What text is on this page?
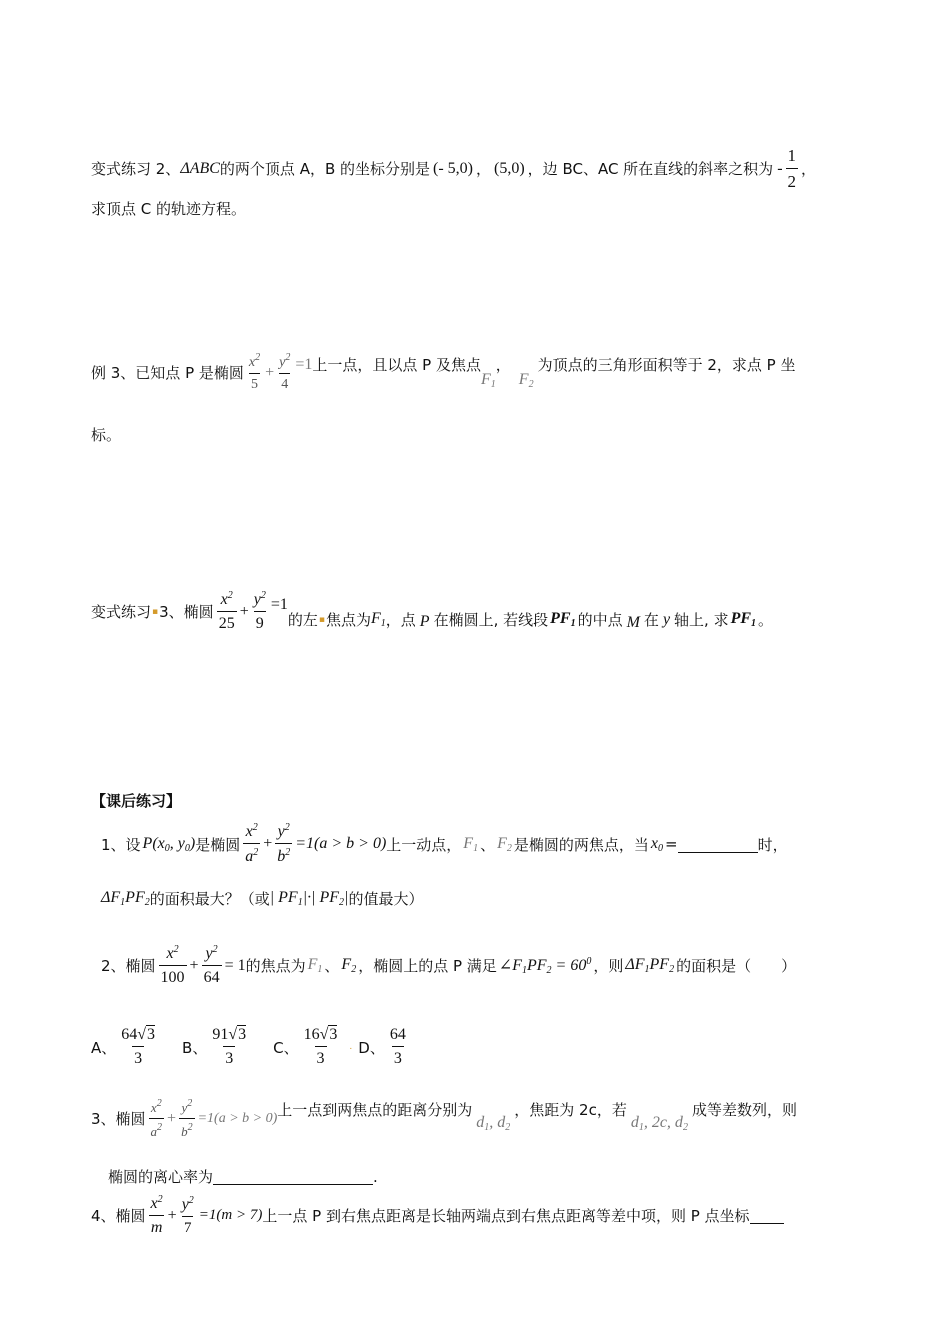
变式练习 2、 ΔABC 的两个顶点 A，B 的坐标分别是 (- 5,0) ， (5,0) ，边 BC、AC 所在直线的斜率之积为 - $\frac{1}{2}$ ，
求顶点 C 的轨迹方程。
例 3、已知点 P 是椭圆 $\frac{x^2}{5} + \frac{y^2}{4} =1$ 上一点，且以点 P 及焦点
$F_1$
，
$F_2$
为顶点的三角形面积等于 2，求点 P 坐
标。
变式练习 ▪ 3 、椭圆 $\frac{x^2}{25} + \frac{y^2}{9} =1$
的左 ▪ 焦点为 $F_1$ ，点 P 在椭圆上, 若线段 $PF_1$ 的中点 M 在 y 轴上, 求 $PF_1$ 。
【课后练习】
1、设 $P(x_0$, $y_0$) 是椭圆 $\frac{x^2}{a^2} + \frac{y^2}{b^2} =1(a > b > 0)$ 上一动点， $F_1$ 、 $F_2$ 是椭圆的两焦点，当 $x_0$ =	时，
$\Delta F_1PF_2$ 的面积最大？（或 | $PF_1|\cdot|$ $PF_2|$ 的值最大）
2、椭圆 $\frac{x^2}{100} + \frac{y^2}{64} = 1$ 的焦点为 $F_1$ 、 $F_2$ ，椭圆上的点 P 满足 $\angle F_1PF_2 = 60^0$ ，则 $\Delta F_1PF_2$ 的面积是（ ）
A、 $\frac{64√3}{3}$ B、 $\frac{91√3}{3}$ C、 $\frac{16√3}{3}$ . D、 $\frac{64}{3}$
3、椭圆 $\frac{x^2}{a^2} + \frac{y^2}{b^2} =1(a > b > 0)$ 上一点到两焦点的距离分别为
$d_1$, $d_2$
，焦距为 2c，若
$d_1$, 2c, $d_2$
成等差数列，则
椭圆的离心率为	.
4、椭圆 $\frac{x^2}{m} + \frac{y^2}{7} =1(m > 7)$ 上一点 P 到右焦点距离是长轴两端点到右焦点距离等差中项，则 P 点坐标
